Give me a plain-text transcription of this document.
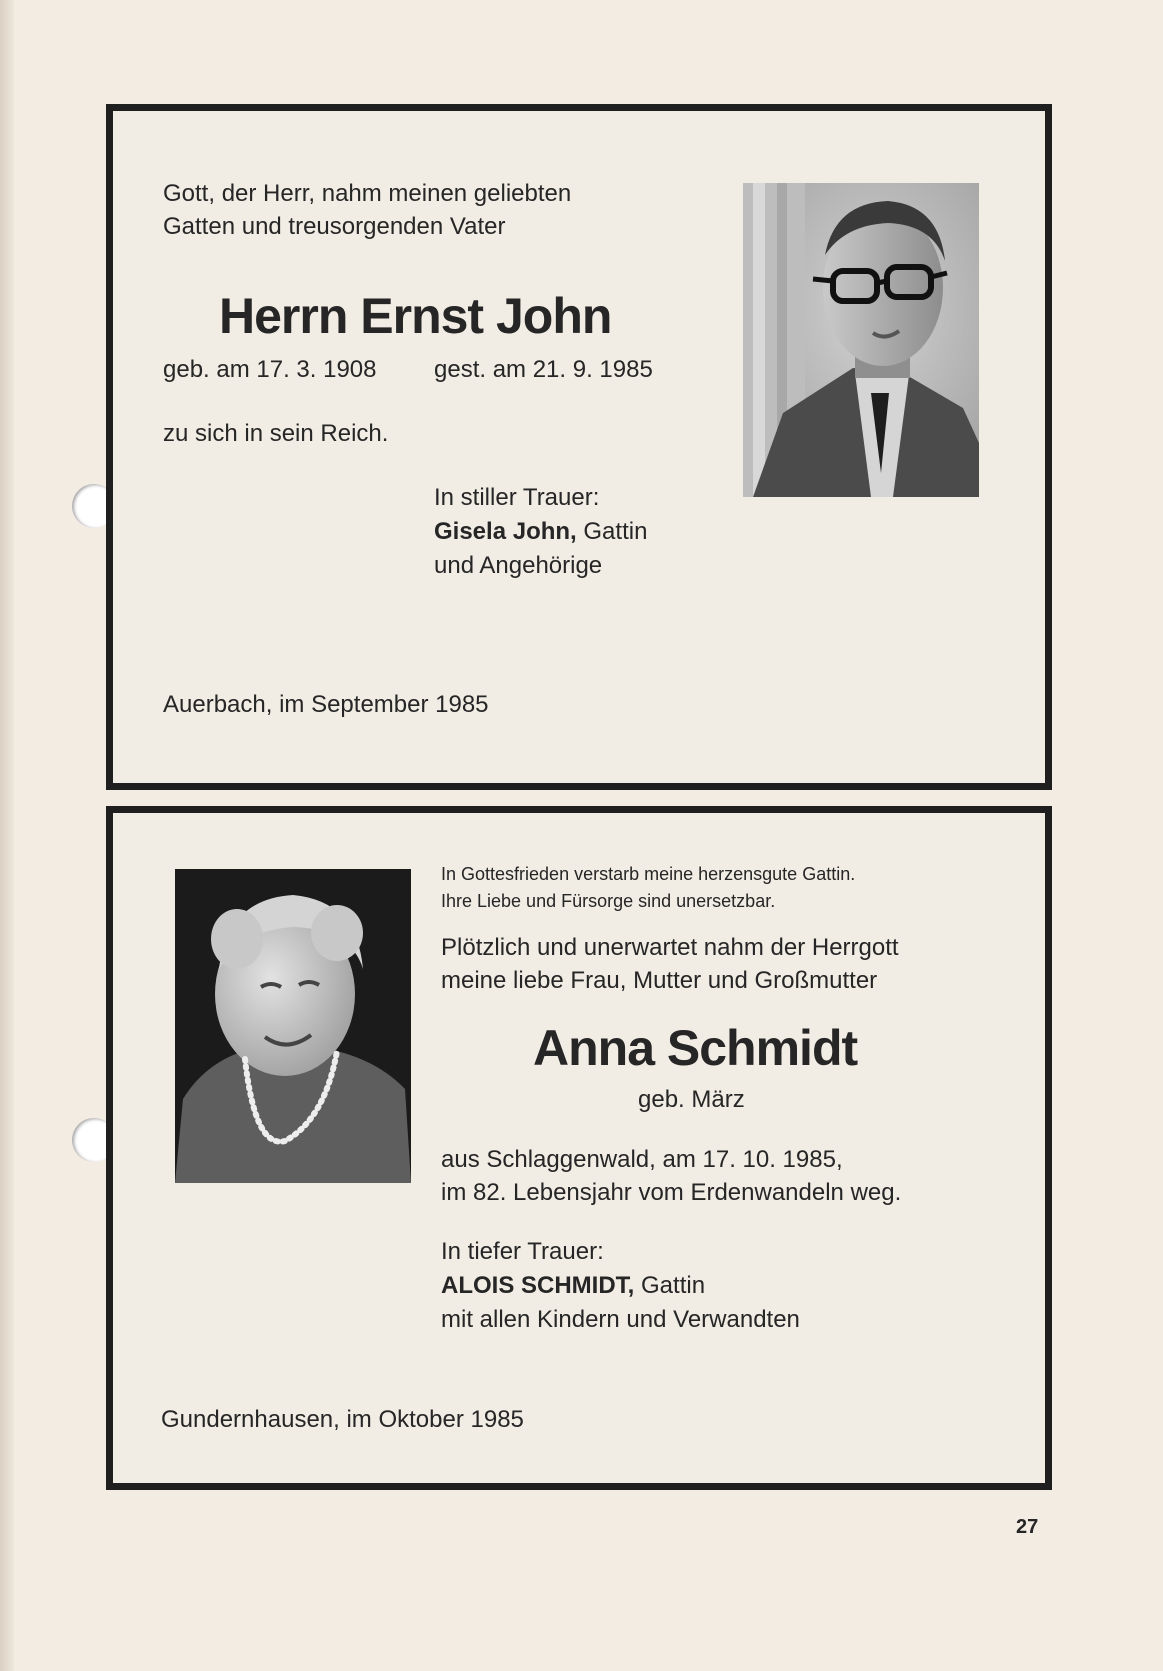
Gott, der Herr, nahm meinen geliebten

Gatten und treusorgenden Vater

Herrn Ernst John

geb. am 17. 3. 1908 gest. am 21. 9. 1985

zu sich in sein Reich.

In stiller Trauer:

Gisela John, Gattin

und Angehörige

Auerbach, im September 1985

In Gottesfrieden verstarb meine herzensgute Gattin.

Ihre Liebe und Fürsorge sind unersetzbar.

Plötzlich und unerwartet nahm der Herrgott

meine liebe Frau, Mutter und Großmutter

Anna Schmidt

geb. März

aus Schlaggenwald, am 17. 10. 1985,

im 82. Lebensjahr vom Erdenwandeln weg.

In tiefer Trauer:

ALOIS SCHMIDT, Gattin

mit allen Kindern und Verwandten

Gundernhausen, im Oktober 1985

27
